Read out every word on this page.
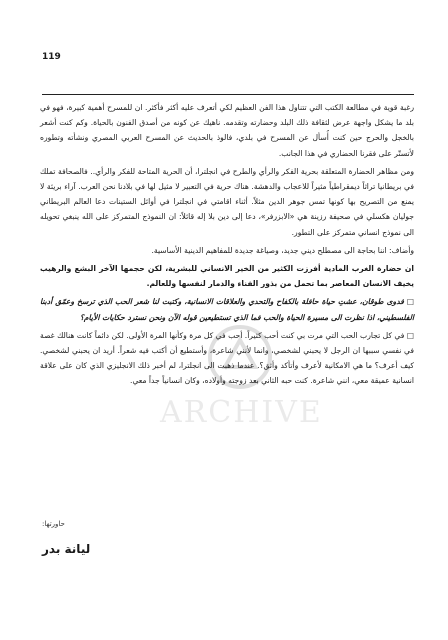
119

رغبة قوية في مطالعة الكتب التي تتناول هذا الفن العظيم لكي أتعرف عليه أكثر فأكثر. ان للمسرح أهمية كبيرة، فهو في بلد ما يشكل واجهة عرض لثقافة ذلك البلد وحضارته وتقدمه. ناهيك عن كونه من أصدق الفنون بالحياة. وكم كنت أشعر بالخجل والحرج حين كنت أُسأل عن المسرح في بلدي، فالوذ بالحديث عن المسرح العربي المصري ونشأته وتطوره لأتستّر على فقرنا الحضاري في هذا الجانب.

ومن مظاهر الحضارة المتعلقة بحرية الفكر والرأي والطرح في انجلترا، أن الحرية المتاحة للفكر والرأي.. فالصحافة تملك في بريطانيا تراثاً ديمقراطياً مثيراً للاعجاب والدهشة. هناك حرية في التعبير لا مثيل لها في بلادنا نحن العرب. آراء بريئة لا يمنع من التصريح بها كونها تمس جوهر الدين مثلاً. أثناء اقامتي في انجلترا في أوائل الستينات دعا العالم البريطاني جوليان هكسلي في صحيفة رزينة هي «الابزرفر»، دعا إلى دين بلا إله قائلاً: ان النموذج المتمركز على الله ينبغي تحويله الى نموذج انساني متمركز على التطور.

وأضاف: اننا بحاجة الى مصطلح ديني جديد، وصياغة جديدة للمفاهيم الدينية الأساسية.

ان حضارة الغرب المادية أفرزت الكثير من الخير الانساني للبشرية، لكن حجمها الآخر البشع والرهيب يخيف الانسان المعاصر بما تحمل من بذور الفناء والدمار لنفسها وللعالم.

□ فدوى طوقان، عشتِ حياة حافلة بالكفاح والتحدي والعلاقات الانسانية، وكتبت لنا شعر الحب الذي ترسخ وعمّق أدبنا الفلسطيني، اذا نظرت الى مسيرة الحياة والحب فما الذي تستطيعين قوله الآن ونحن نسترد حكايات الأيام؟

□ في كل تجارب الحب التي مرت بي كنت أحب كثيراً. أحب في كل مرة وكأنها المرة الأولى. لكن دائماً كانت هنالك غصة في نفسي سببها ان الرجل لا يحبني لشخصي، وانما لأنني شاعرة، وأستطيع أن أكتب فيه شعراً. أريد ان يحبني لشخصي. كيف أعرف؟ ما هي الامكانية لأعرف وأتأكد وأثق؟. عندما ذهبت الى انجلترا، لم أخبر ذلك الانجليزي الذي كان على علاقة انسانية عميقة معي، انني شاعرة. كنت حبه الثاني بعد زوجته وأولاده، وكان انسانياً جداً معي.

ARCHIVE
حاورتها:
ليانة بدر
